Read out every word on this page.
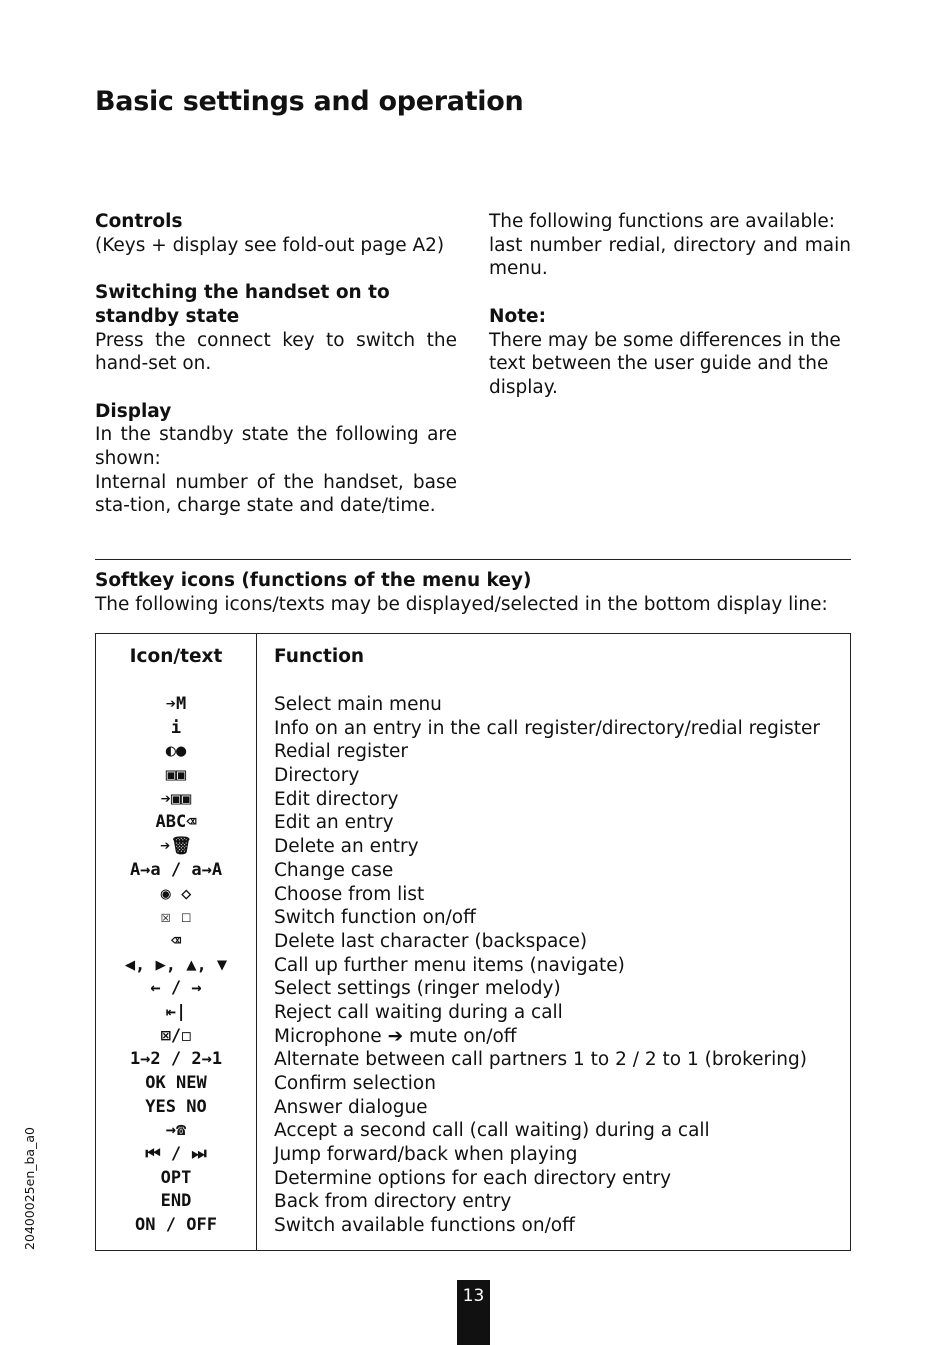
Basic settings and operation

Controls
(Keys + display see fold-out page A2)

Switching the handset on to standby state
Press the connect key to switch the hand-set on.

Display
In the standby state the following are shown:
Internal number of the handset, base sta-tion, charge state and date/time.

The following functions are available:
last number redial, directory and main menu.

Note:
There may be some differences in the text between the user guide and the display.

Softkey icons (functions of the menu key)
The following icons/texts may be displayed/selected in the bottom display line:
Icon/text	Function
➔M	Select main menu
i	Info on an entry in the call register/directory/redial register
◐●	Redial register
▣▣	Directory
➔▣▣	Edit directory
ABC⌫	Edit an entry
➔🗑	Delete an entry
A→a / a→A	Change case
◉ ◇	Choose from list
☒ ☐	Switch function on/off
⌫	Delete last character (backspace)
◀, ▶, ▲, ▼	Call up further menu items (navigate)
← / →	Select settings (ringer melody)
⇤|	Reject call waiting during a call
⊠/◻	Microphone ➔ mute on/off
1→2 / 2→1	Alternate between call partners 1 to 2 / 2 to 1 (brokering)
OK NEW	Confirm selection
YES NO	Answer dialogue
→☎	Accept a second call (call waiting) during a call
⏮ / ⏭	Jump forward/back when playing
OPT	Determine options for each directory entry
END	Back from directory entry
ON / OFF	Switch available functions on/off
20400025en_ba_a0
13
